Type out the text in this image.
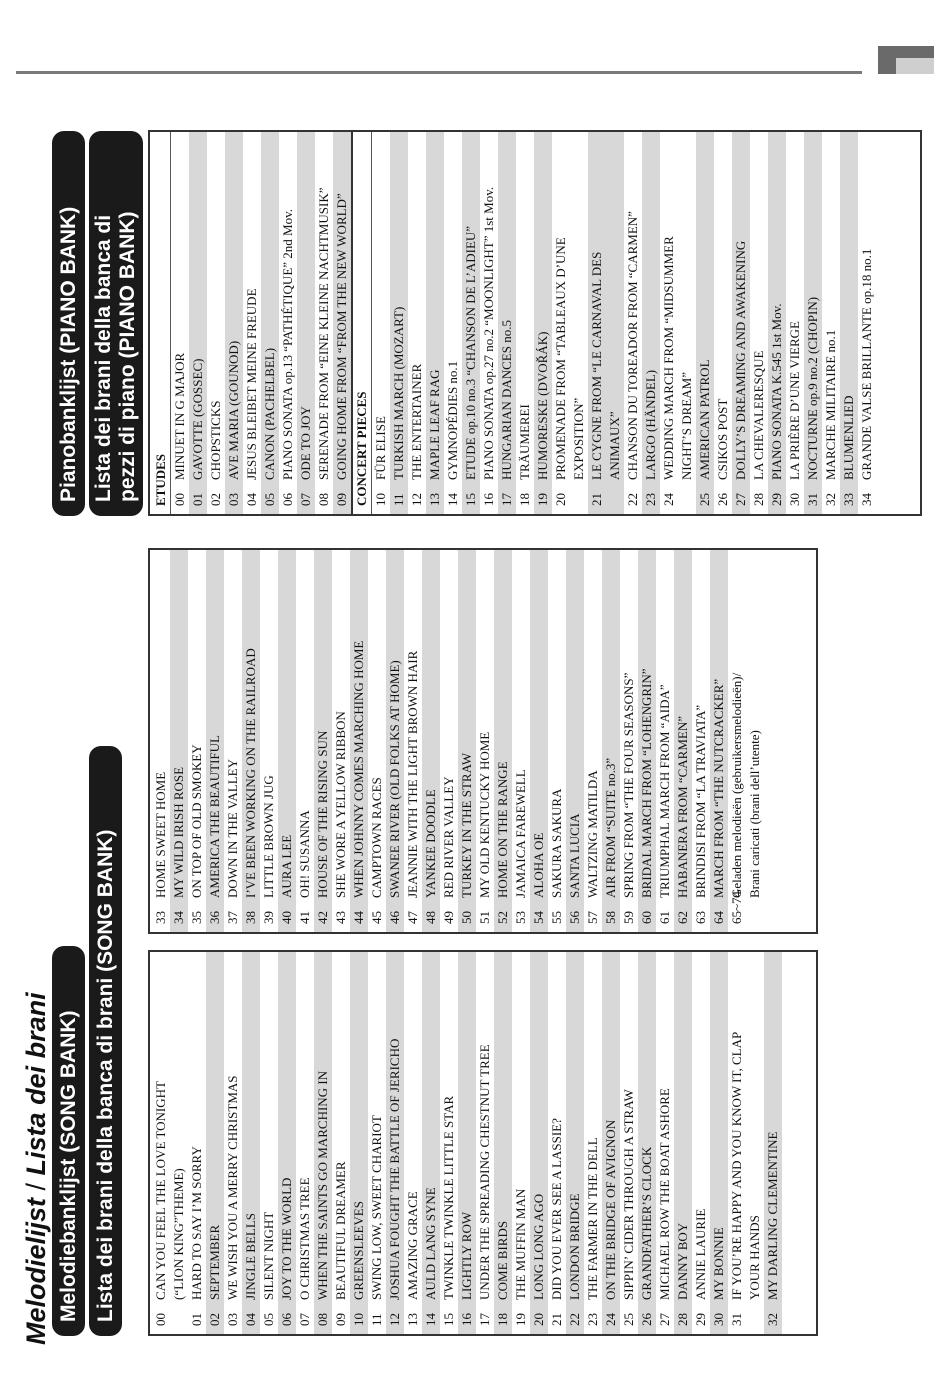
Melodielijst / Lista dei brani Melodiebanklijst (SONG BANK) Lista dei brani della banca di brani (SONG BANK)	00
CAN YOU FEEL THE LOVE TONIGHT (“LION KING”THEME)
01
HARD TO SAY I’M SORRY
02
SEPTEMBER
03
WE WISH YOU A MERRY CHRISTMAS
04
JINGLE BELLS
05
SILENT NIGHT
06
JOY TO THE WORLD
07
O CHRISTMAS TREE
08
WHEN THE SAINTS GO MARCHING IN
09
BEAUTIFUL DREAMER
10
GREENSLEEVES
11
SWING LOW, SWEET CHARIOT
12
JOSHUA FOUGHT THE BATTLE OF JERICHO
13
AMAZING GRACE
14
AULD LANG SYNE
15
TWINKLE TWINKLE LITTLE STAR
16
LIGHTLY ROW
17
UNDER THE SPREADING CHESTNUT TREE
18
COME BIRDS
19
THE MUFFIN MAN
20
LONG LONG AGO
21
DID YOU EVER SEE A LASSIE?
22
LONDON BRIDGE
23
THE FARMER IN THE DELL
24
ON THE BRIDGE OF AVIGNON
25
SIPPIN’ CIDER THROUGH A STRAW
26
GRANDFATHER’S CLOCK
27
MICHAEL ROW THE BOAT ASHORE
28
DANNY BOY
29
ANNIE LAURIE
30
MY BONNIE
31
IF YOU’RE HAPPY AND YOU KNOW IT, CLAP YOUR HANDS
32
MY DARLING CLEMENTINE
33
HOME SWEET HOME
34
MY WILD IRISH ROSE
35
ON TOP OF OLD SMOKEY
36
AMERICA THE BEAUTIFUL
37
DOWN IN THE VALLEY
38
I’VE BEEN WORKING ON THE RAILROAD
39
LITTLE BROWN JUG
40
AURA LEE
41
OH! SUSANNA
42
HOUSE OF THE RISING SUN
43
SHE WORE A YELLOW RIBBON
44
WHEN JOHNNY COMES MARCHING HOME
45
CAMPTOWN RACES
46
SWANEE RIVER (OLD FOLKS AT HOME)
47
JEANNIE WITH THE LIGHT BROWN HAIR
48
YANKEE DOODLE
49
RED RIVER VALLEY
50
TURKEY IN THE STRAW
51
MY OLD KENTUCKY HOME
52
HOME ON THE RANGE
53
JAMAICA FAREWELL
54
ALOHA OE
55
SAKURA SAKURA
56
SANTA LUCIA
57
WALTZING MATILDA
58
AIR FROM “SUITE no.3”
59
SPRING FROM “THE FOUR SEASONS”
60
BRIDAL MARCH FROM “LOHENGRIN”
61
TRIUMPHAL MARCH FROM “AIDA”
62
HABANERA FROM “CARMEN”
63
BRINDISI FROM “LA TRAVIATA”
64
MARCH FROM “THE NUTCRACKER”
65~74
Geladen melodieën (gebruikersmelodieën)/ Brani caricati (brani dell’utente)
Pianobanklijst (PIANO BANK) Lista dei brani della banca di pezzi di piano (PIANO BANK) ETUDES 00
MINUET IN G MAJOR
01
GAVOTTE (GOSSEC)
02
CHOPSTICKS
03
AVE MARIA (GOUNOD)
04
JESUS BLEIBET MEINE FREUDE
05
CANON (PACHELBEL)
06
PIANO SONATA op.13 “PATHÉTIQUE” 2nd Mov.
07
ODE TO JOY
08
SERENADE FROM “EINE KLEINE NACHTMUSIK”
09
GOING HOME FROM “FROM THE NEW WORLD” CONCERT PIECES 10
FÜR ELISE
11
TURKISH MARCH (MOZART)
12
THE ENTERTAINER
13
MAPLE LEAF RAG
14
GYMNOPÉDIES no.1
15
ETUDE op.10 no.3 “CHANSON DE L’ADIEU”
16
PIANO SONATA op.27 no.2 “MOONLIGHT” 1st Mov.
17
HUNGARIAN DANCES no.5
18
TRÄUMEREI
19
HUMORESKE (DVOŘÁK)
20
PROMENADE FROM “TABLEAUX D’UNE EXPOSITION”
21
LE CYGNE FROM “LE CARNAVAL DES ANIMAUX”
22
CHANSON DU TOREADOR FROM “CARMEN”
23
LARGO (HÄNDEL)
24
WEDDING MARCH FROM “MIDSUMMER NIGHT’S DREAM”
25
AMERICAN PATROL
26
CSIKOS POST
27
DOLLY’S DREAMING AND AWAKENING
28
LA CHEVALERESQUE
29
PIANO SONATA K.545 1st Mov.
30
LA PRIÈRE D’UNE VIERGE
31
NOCTURNE op.9 no.2 (CHOPIN)
32
MARCHE MILITAIRE no.1
33
BLUMENLIED
34
GRANDE VALSE BRILLANTE op.18 no.1
